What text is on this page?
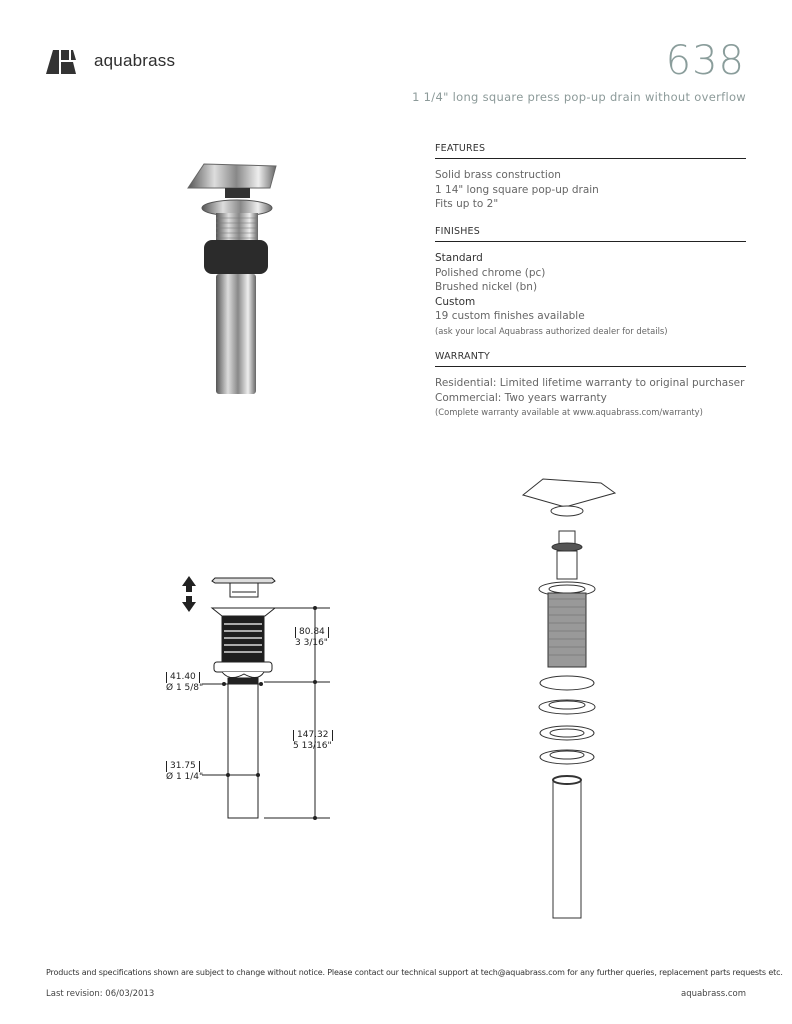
aquabrass	638
1 1/4" long square press pop-up drain without overflow
FEATURES
Solid brass construction
1 14" long square pop-up drain
Fits up to 2"
FINISHES
Standard
Polished chrome (pc)
Brushed nickel (bn)
Custom
19 custom finishes available
(ask your local Aquabrass authorized dealer for details)
WARRANTY
Residential: Limited lifetime warranty to original purchaser
Commercial: Two years warranty
(Complete warranty available at www.aquabrass.com/warranty)
80.84
3 3/16"
41.40
Ø 1 5/8"
147.32
5 13/16"
31.75
Ø 1 1/4"
Products and specifications shown are subject to change without notice. Please contact our technical support at tech@aquabrass.com for any further queries, replacement parts requests etc.
Last revision: 06/03/2013	aquabrass.com
